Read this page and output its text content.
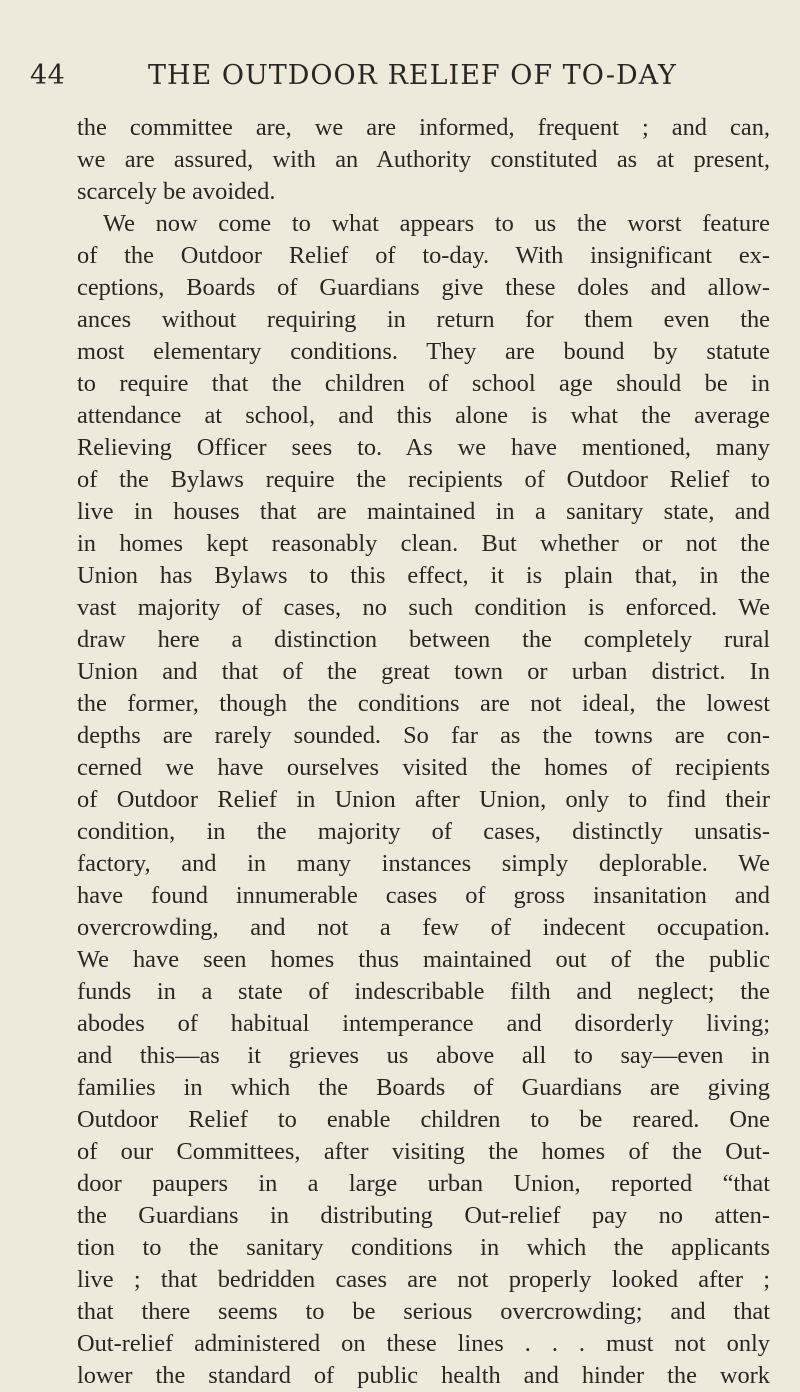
44	THE OUTDOOR RELIEF OF TO-DAY
the committee are, we are informed, frequent ; and can,
we are assured, with an Authority constituted as at present,
scarcely be avoided.
We now come to what appears to us the worst feature
of the Outdoor Relief of to-day. With insignificant ex-
ceptions, Boards of Guardians give these doles and allow-
ances without requiring in return for them even the
most elementary conditions. They are bound by statute
to require that the children of school age should be in
attendance at school, and this alone is what the average
Relieving Officer sees to. As we have mentioned, many
of the Bylaws require the recipients of Outdoor Relief to
live in houses that are maintained in a sanitary state, and
in homes kept reasonably clean. But whether or not the
Union has Bylaws to this effect, it is plain that, in the
vast majority of cases, no such condition is enforced. We
draw here a distinction between the completely rural
Union and that of the great town or urban district. In
the former, though the conditions are not ideal, the lowest
depths are rarely sounded. So far as the towns are con-
cerned we have ourselves visited the homes of recipients
of Outdoor Relief in Union after Union, only to find their
condition, in the majority of cases, distinctly unsatis-
factory, and in many instances simply deplorable. We
have found innumerable cases of gross insanitation and
overcrowding, and not a few of indecent occupation.
We have seen homes thus maintained out of the public
funds in a state of indescribable filth and neglect; the
abodes of habitual intemperance and disorderly living;
and this—as it grieves us above all to say—even in
families in which the Boards of Guardians are giving
Outdoor Relief to enable children to be reared. One
of our Committees, after visiting the homes of the Out-
door paupers in a large urban Union, reported “that
the Guardians in distributing Out-relief pay no atten-
tion to the sanitary conditions in which the applicants
live ; that bedridden cases are not properly looked after ;
that there seems to be serious overcrowding; and that
Out-relief administered on these lines . . . must not only
lower the standard of public health and hinder the work
